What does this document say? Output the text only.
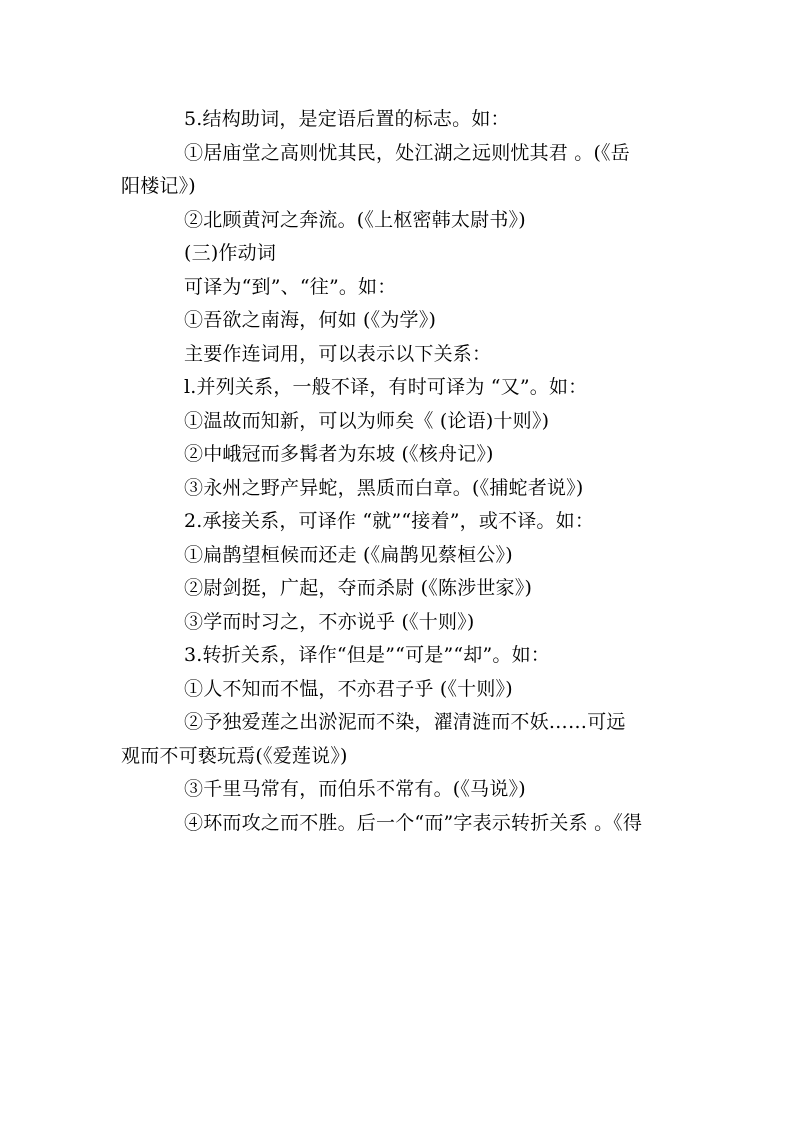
5.结构助词，是定语后置的标志。如：
①居庙堂之高则忧其民，处江湖之远则忧其君 。(《岳
阳楼记》)
②北顾黄河之奔流。(《上枢密韩太尉书》)
(三)作动词
可译为“到”、“往”。如：
①吾欲之南海，何如 (《为学》)
主要作连词用，可以表示以下关系：
l.并列关系，一般不译，有时可译为 “又”。如：
①温故而知新，可以为师矣《 (论语)十则》)
②中峨冠而多髯者为东坡 (《核舟记》)
③永州之野产异蛇，黑质而白章。(《捕蛇者说》)
2.承接关系，可译作 “就”“接着”，或不译。如：
①扁鹊望桓候而还走 (《扁鹊见蔡桓公》)
②尉剑挺，广起，夺而杀尉 (《陈涉世家》)
③学而时习之，不亦说乎 (《十则》)
3.转折关系，译作“但是”“可是”“却”。如：
①人不知而不愠，不亦君子乎 (《十则》)
②予独爱莲之出淤泥而不染，濯清涟而不妖……可远
观而不可亵玩焉(《爱莲说》)
③千里马常有，而伯乐不常有。(《马说》)
④环而攻之而不胜。后一个“而”字表示转折关系 。《得
